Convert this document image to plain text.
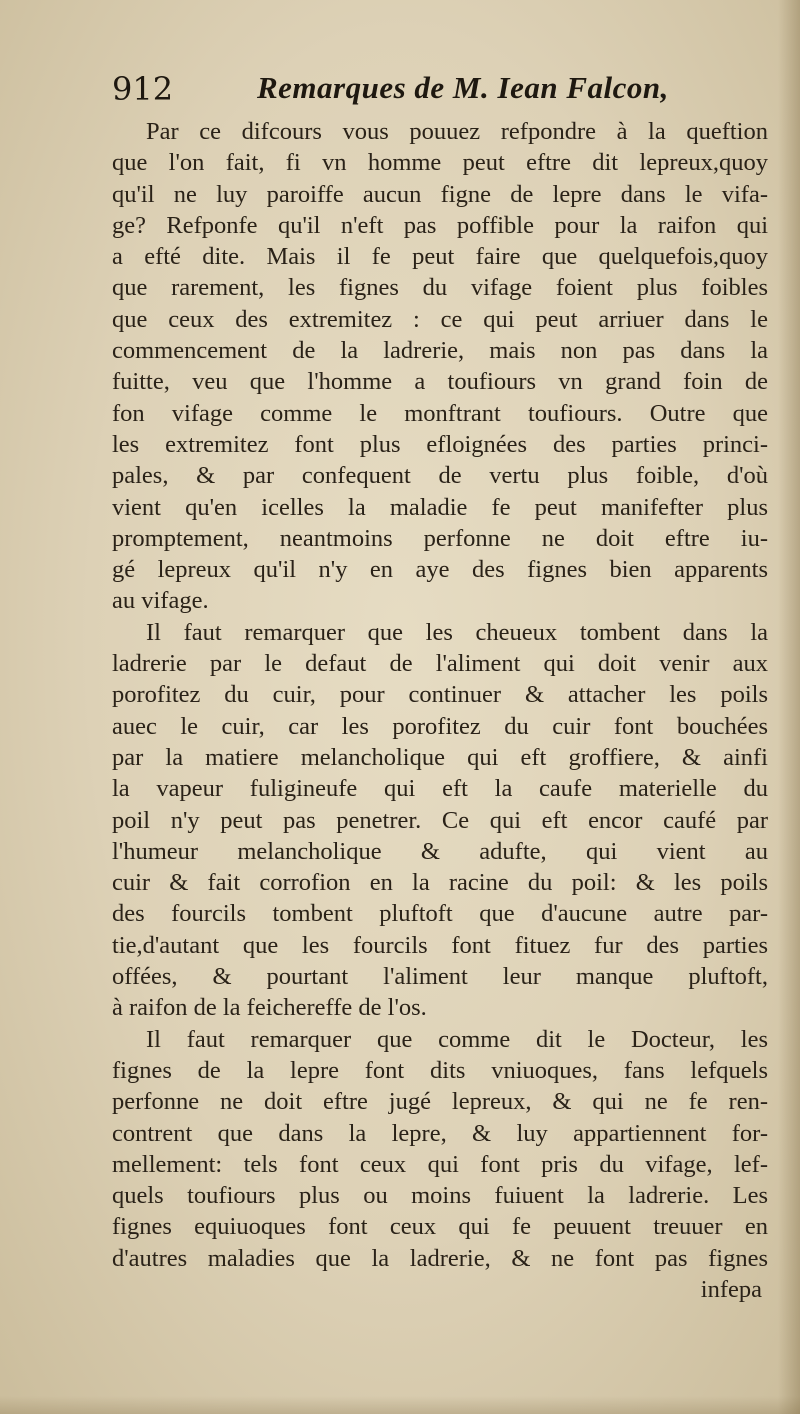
912	Remarques de M. Iean Falcon,
Par ce difcours vous pouuez refpondre à la queftion
que l'on fait, fi vn homme peut eftre dit lepreux,quoy
qu'il ne luy paroiffe aucun figne de lepre dans le vifa-
ge? Refponfe qu'il n'eft pas poffible pour la raifon qui
a efté dite. Mais il fe peut faire que quelquefois,quoy
que rarement, les fignes du vifage foient plus foibles
que ceux des extremitez : ce qui peut arriuer dans le
commencement de la ladrerie, mais non pas dans la
fuitte, veu que l'homme a toufiours vn grand foin de
fon vifage comme le monftrant toufiours. Outre que
les extremitez font plus efloignées des parties princi-
pales, & par confequent de vertu plus foible, d'où
vient qu'en icelles la maladie fe peut manifefter plus
promptement, neantmoins perfonne ne doit eftre iu-
gé lepreux qu'il n'y en aye des fignes bien apparents
au vifage.
Il faut remarquer que les cheueux tombent dans la
ladrerie par le defaut de l'aliment qui doit venir aux
porofitez du cuir, pour continuer & attacher les poils
auec le cuir, car les porofitez du cuir font bouchées
par la matiere melancholique qui eft groffiere, & ainfi
la vapeur fuligineufe qui eft la caufe materielle du
poil n'y peut pas penetrer. Ce qui eft encor caufé par
l'humeur melancholique & adufte, qui vient au
cuir & fait corrofion en la racine du poil: & les poils
des fourcils tombent pluftoft que d'aucune autre par-
tie,d'autant que les fourcils font fituez fur des parties
offées, & pourtant l'aliment leur manque pluftoft,
à raifon de la feichereffe de l'os.
Il faut remarquer que comme dit le Docteur, les
fignes de la lepre font dits vniuoques, fans lefquels
perfonne ne doit eftre jugé lepreux, & qui ne fe ren-
contrent que dans la lepre, & luy appartiennent for-
mellement: tels font ceux qui font pris du vifage, lef-
quels toufiours plus ou moins fuiuent la ladrerie. Les
fignes equiuoques font ceux qui fe peuuent treuuer en
d'autres maladies que la ladrerie, & ne font pas fignes
infepa
